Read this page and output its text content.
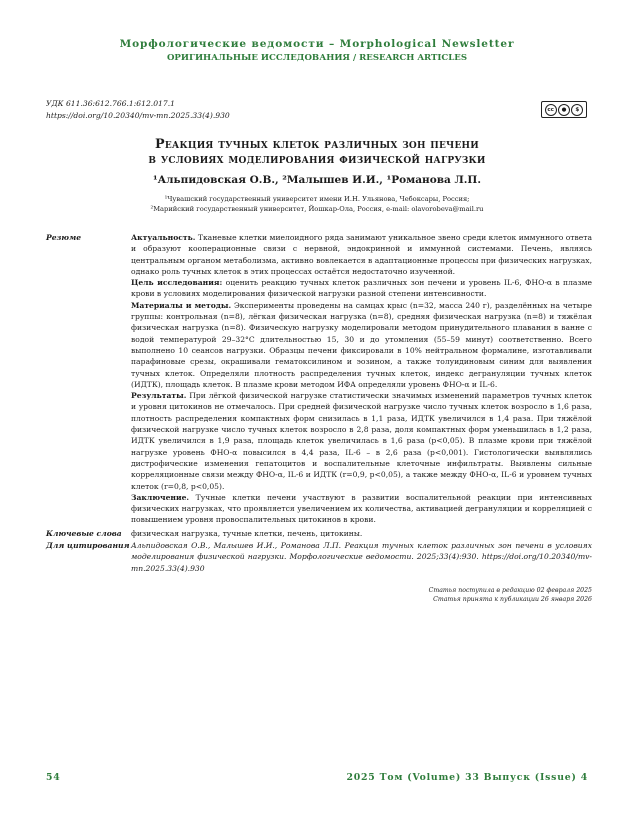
Морфологические ведомости – Morphological Newsletter
ОРИГИНАЛЬНЫЕ ИССЛЕДОВАНИЯ / RESEARCH ARTICLES
УДК 611.36:612.766.1:612.017.1
https://doi.org/10.20340/mv-mn.2025.33(4).930
cc	●	$
Реакция тучных клеток различных зон печени
в условиях моделирования физической нагрузки
¹Альпидовская О.В., ²Малышев И.И., ¹Романова Л.П.
¹Чувашский государственный университет имени И.Н. Ульянова, Чебоксары, Россия;
²Марийский государственный университет, Йошкар-Ола, Россия, e-mail: olavorobeva@mail.ru
Резюме	Актуальность. Тканевые клетки миелоидного ряда занимают уникальное звено среди клеток иммунного ответа и образуют кооперационные связи с нервной, эндокринной и иммунной системами. Печень, являясь центральным органом метаболизма, активно вовлекается в адаптационные процессы при физических нагрузках, однако роль тучных клеток в этих процессах остаётся недостаточно изученной.

Цель исследования: оценить реакцию тучных клеток различных зон печени и уровень IL-6, ФНО-α в плазме крови в условиях моделирования физической нагрузки разной степени интенсивности.

Материалы и методы. Эксперименты проведены на самцах крыс (n=32, масса 240 г), разделённых на четыре группы: контрольная (n=8), лёгкая физическая нагрузка (n=8), средняя физическая нагрузка (n=8) и тяжёлая физическая нагрузка (n=8). Физическую нагрузку моделировали методом принудительного плавания в ванне с водой температурой 29–32°C длительностью 15, 30 и до утомления (55–59 минут) соответственно. Всего выполнено 10 сеансов нагрузки. Образцы печени фиксировали в 10% нейтральном формалине, изготавливали парафиновые срезы, окрашивали гематоксилином и эозином, а также толуидиновым синим для выявления тучных клеток. Определяли плотность распределения тучных клеток, индекс дегрануляции тучных клеток (ИДТК), площадь клеток. В плазме крови методом ИФА определяли уровень ФНО-α и IL-6.

Результаты. При лёгкой физической нагрузке статистически значимых изменений параметров тучных клеток и уровня цитокинов не отмечалось. При средней физической нагрузке число тучных клеток возросло в 1,6 раза, плотность распределения компактных форм снизилась в 1,1 раза, ИДТК увеличился в 1,4 раза. При тяжёлой физической нагрузке число тучных клеток возросло в 2,8 раза, доля компактных форм уменьшилась в 1,2 раза, ИДТК увеличился в 1,9 раза, площадь клеток увеличилась в 1,6 раза (p<0,05). В плазме крови при тяжёлой нагрузке уровень ФНО-α повысился в 4,4 раза, IL-6 – в 2,6 раза (p<0,001). Гистологически выявлялись дистрофические изменения гепатоцитов и воспалительные клеточные инфильтраты. Выявлены сильные корреляционные связи между ФНО-α, IL-6 и ИДТК (r=0,9, p<0,05), а также между ФНО-α, IL-6 и уровнем тучных клеток (r=0,8, p<0,05).

Заключение. Тучные клетки печени участвуют в развитии воспалительной реакции при интенсивных физических нагрузках, что проявляется увеличением их количества, активацией дегрануляции и корреляцией с повышением уровня провоспалительных цитокинов в крови.

Ключевые слова	физическая нагрузка, тучные клетки, печень, цитокины.
Для цитирования Альпидовская О.В., Малышев И.И., Романова Л.П. Реакция тучных клеток различных зон печени в условиях моделирования физической нагрузки. Морфологические ведомости. 2025;33(4):930. https://doi.org/10.20340/mv-mn.2025.33(4).930
Статья поступила в редакцию 02 февраля 2025
Статья принята к публикации 26 января 2026
54	2025 Том (Volume) 33 Выпуск (Issue) 4
